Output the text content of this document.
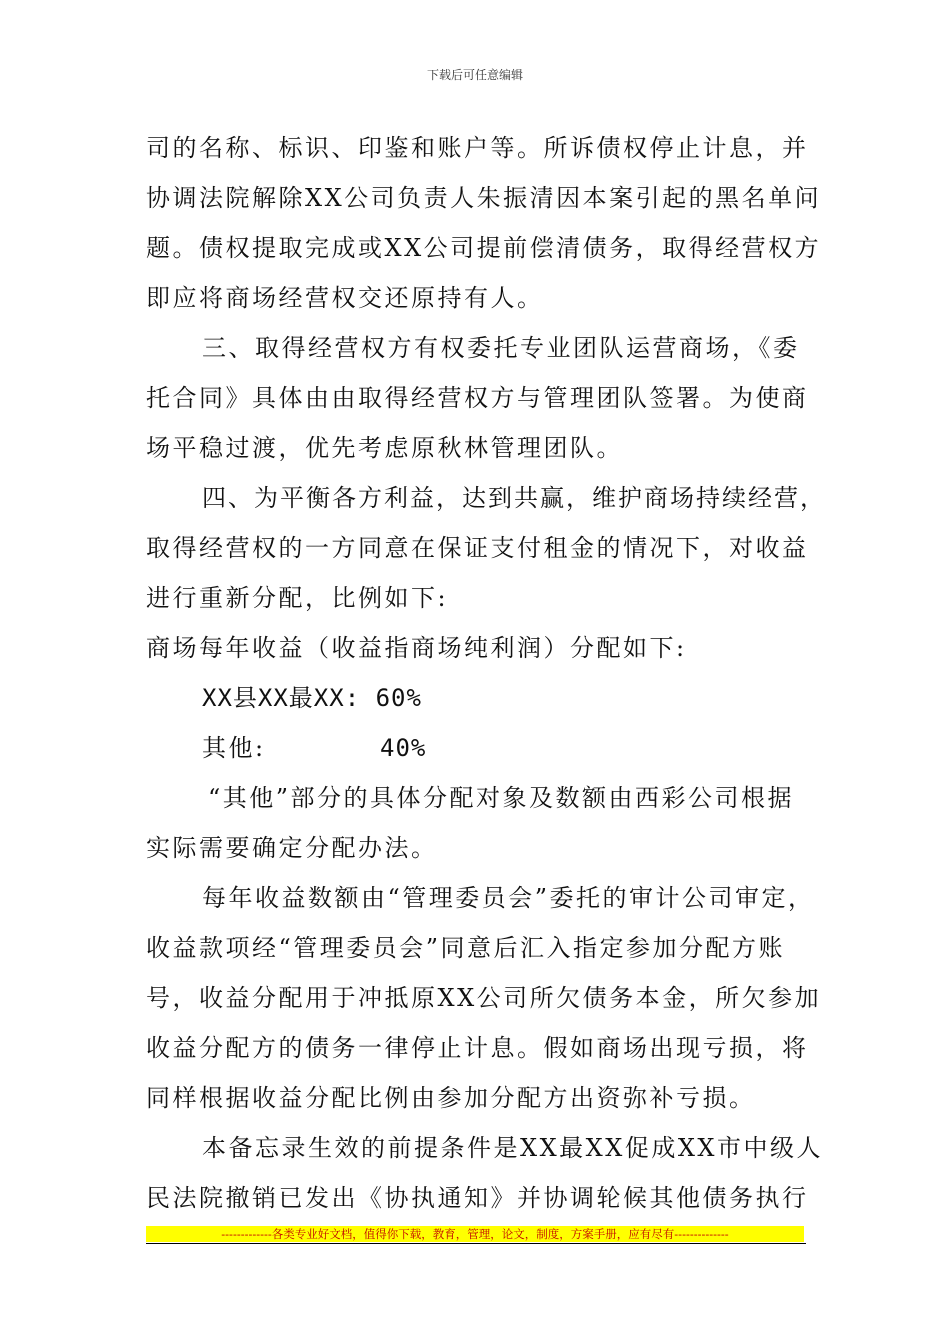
下载后可任意编辑
司的名称、标识、印鉴和账户等。所诉债权停止计息，并
协调法院解除XX公司负责人朱振清因本案引起的黑名单问
题。债权提取完成或XX公司提前偿清债务，取得经营权方
即应将商场经营权交还原持有人。
三、取得经营权方有权委托专业团队运营商场，《委
托合同》具体由由取得经营权方与管理团队签署。为使商
场平稳过渡，优先考虑原秋林管理团队。
四、为平衡各方利益，达到共赢，维护商场持续经营，
取得经营权的一方同意在保证支付租金的情况下，对收益
进行重新分配，比例如下:
商场每年收益（收益指商场纯利润）分配如下:
XX县XX最XX: 60%
其他:	40%
“其他”部分的具体分配对象及数额由西彩公司根据
实际需要确定分配办法。
每年收益数额由“管理委员会”委托的审计公司审定，
收益款项经“管理委员会”同意后汇入指定参加分配方账
号，收益分配用于冲抵原XX公司所欠债务本金，所欠参加
收益分配方的债务一律停止计息。假如商场出现亏损，将
同样根据收益分配比例由参加分配方出资弥补亏损。
本备忘录生效的前提条件是XX最XX促成XX市中级人
民法院撤销已发出《协执通知》并协调轮候其他债务执行
-------------各类专业好文档，值得你下载，教育，管理，论文，制度，方案手册，应有尽有--------------
